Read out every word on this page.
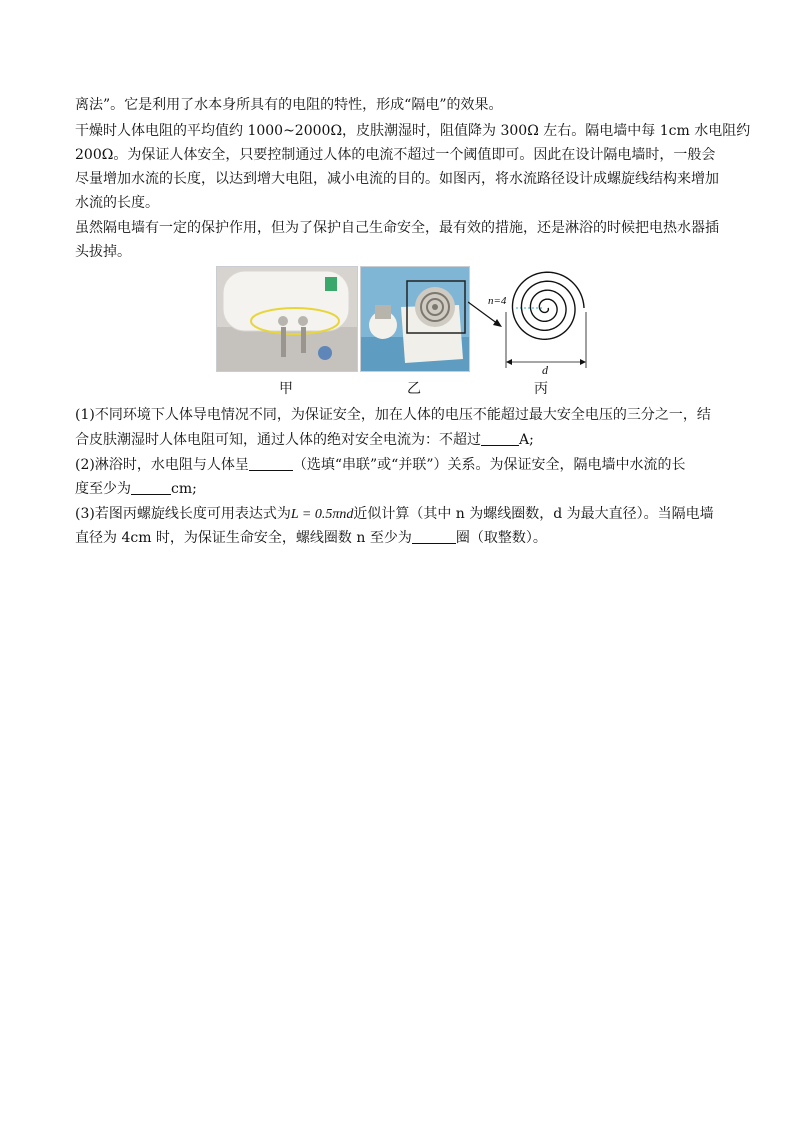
离法”。它是利用了水本身所具有的电阻的特性，形成“隔电”的效果。
干燥时人体电阻的平均值约 1000~2000Ω，皮肤潮湿时，阻值降为 300Ω 左右。隔电墙中每 1cm 水电阻约
200Ω。为保证人体安全，只要控制通过人体的电流不超过一个阈值即可。因此在设计隔电墙时，一般会
尽量增加水流的长度，以达到增大电阻，减小电流的目的。如图丙，将水流路径设计成螺旋线结构来增加
水流的长度。
虽然隔电墙有一定的保护作用，但为了保护自己生命安全，最有效的措施，还是淋浴的时候把电热水器插
头拔掉。
n=4
d
甲	乙	丙
(1)不同环境下人体导电情况不同，为保证安全，加在人体的电压不能超过最大安全电压的三分之一，结
合皮肤潮湿时人体电阻可知，通过人体的绝对安全电流为：不超过	A;
(2)淋浴时，水电阻与人体呈	（选填“串联”或“并联”）关系。为保证安全，隔电墙中水流的长
度至少为	cm;
(3)若图丙螺旋线长度可用表达式为L = 0.5πnd近似计算（其中 n 为螺线圈数，d 为最大直径）。当隔电墙
直径为 4cm 时，为保证生命安全，螺线圈数 n 至少为	圈（取整数）。
